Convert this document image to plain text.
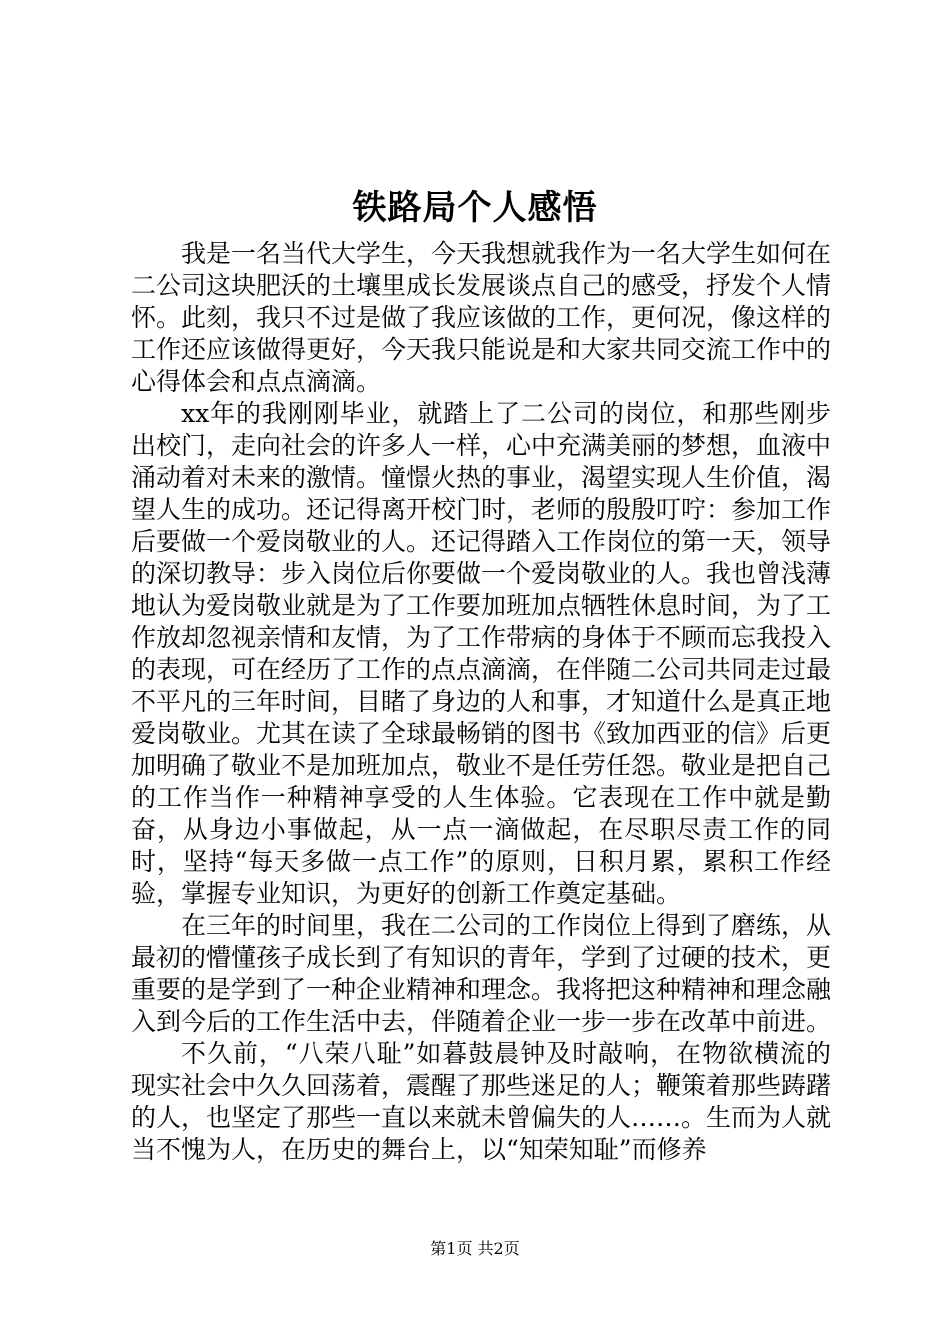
铁路局个人感悟

我是一名当代大学生，今天我想就我作为一名大学生如何在二公司这块肥沃的土壤里成长发展谈点自己的感受，抒发个人情怀。此刻，我只不过是做了我应该做的工作，更何况，像这样的工作还应该做得更好，今天我只能说是和大家共同交流工作中的心得体会和点点滴滴。

xx年的我刚刚毕业，就踏上了二公司的岗位，和那些刚步出校门，走向社会的许多人一样，心中充满美丽的梦想，血液中涌动着对未来的激情。憧憬火热的事业，渴望实现人生价值，渴望人生的成功。还记得离开校门时，老师的殷殷叮咛：参加工作后要做一个爱岗敬业的人。还记得踏入工作岗位的第一天，领导的深切教导：步入岗位后你要做一个爱岗敬业的人。我也曾浅薄地认为爱岗敬业就是为了工作要加班加点牺牲休息时间，为了工作放却忽视亲情和友情，为了工作带病的身体于不顾而忘我投入的表现，可在经历了工作的点点滴滴，在伴随二公司共同走过最不平凡的三年时间，目睹了身边的人和事，才知道什么是真正地爱岗敬业。尤其在读了全球最畅销的图书《致加西亚的信》后更加明确了敬业不是加班加点，敬业不是任劳任怨。敬业是把自己的工作当作一种精神享受的人生体验。它表现在工作中就是勤奋，从身边小事做起，从一点一滴做起，在尽职尽责工作的同时，坚持“每天多做一点工作”的原则，日积月累，累积工作经验，掌握专业知识，为更好的创新工作奠定基础。

在三年的时间里，我在二公司的工作岗位上得到了磨练，从最初的懵懂孩子成长到了有知识的青年，学到了过硬的技术，更重要的是学到了一种企业精神和理念。我将把这种精神和理念融入到今后的工作生活中去，伴随着企业一步一步在改革中前进。

不久前，“八荣八耻”如暮鼓晨钟及时敲响，在物欲横流的现实社会中久久回荡着，震醒了那些迷足的人；鞭策着那些踌躇的人，也坚定了那些一直以来就未曾偏失的人……。生而为人就当不愧为人，在历史的舞台上，以“知荣知耻”而修养

第1页 共2页
